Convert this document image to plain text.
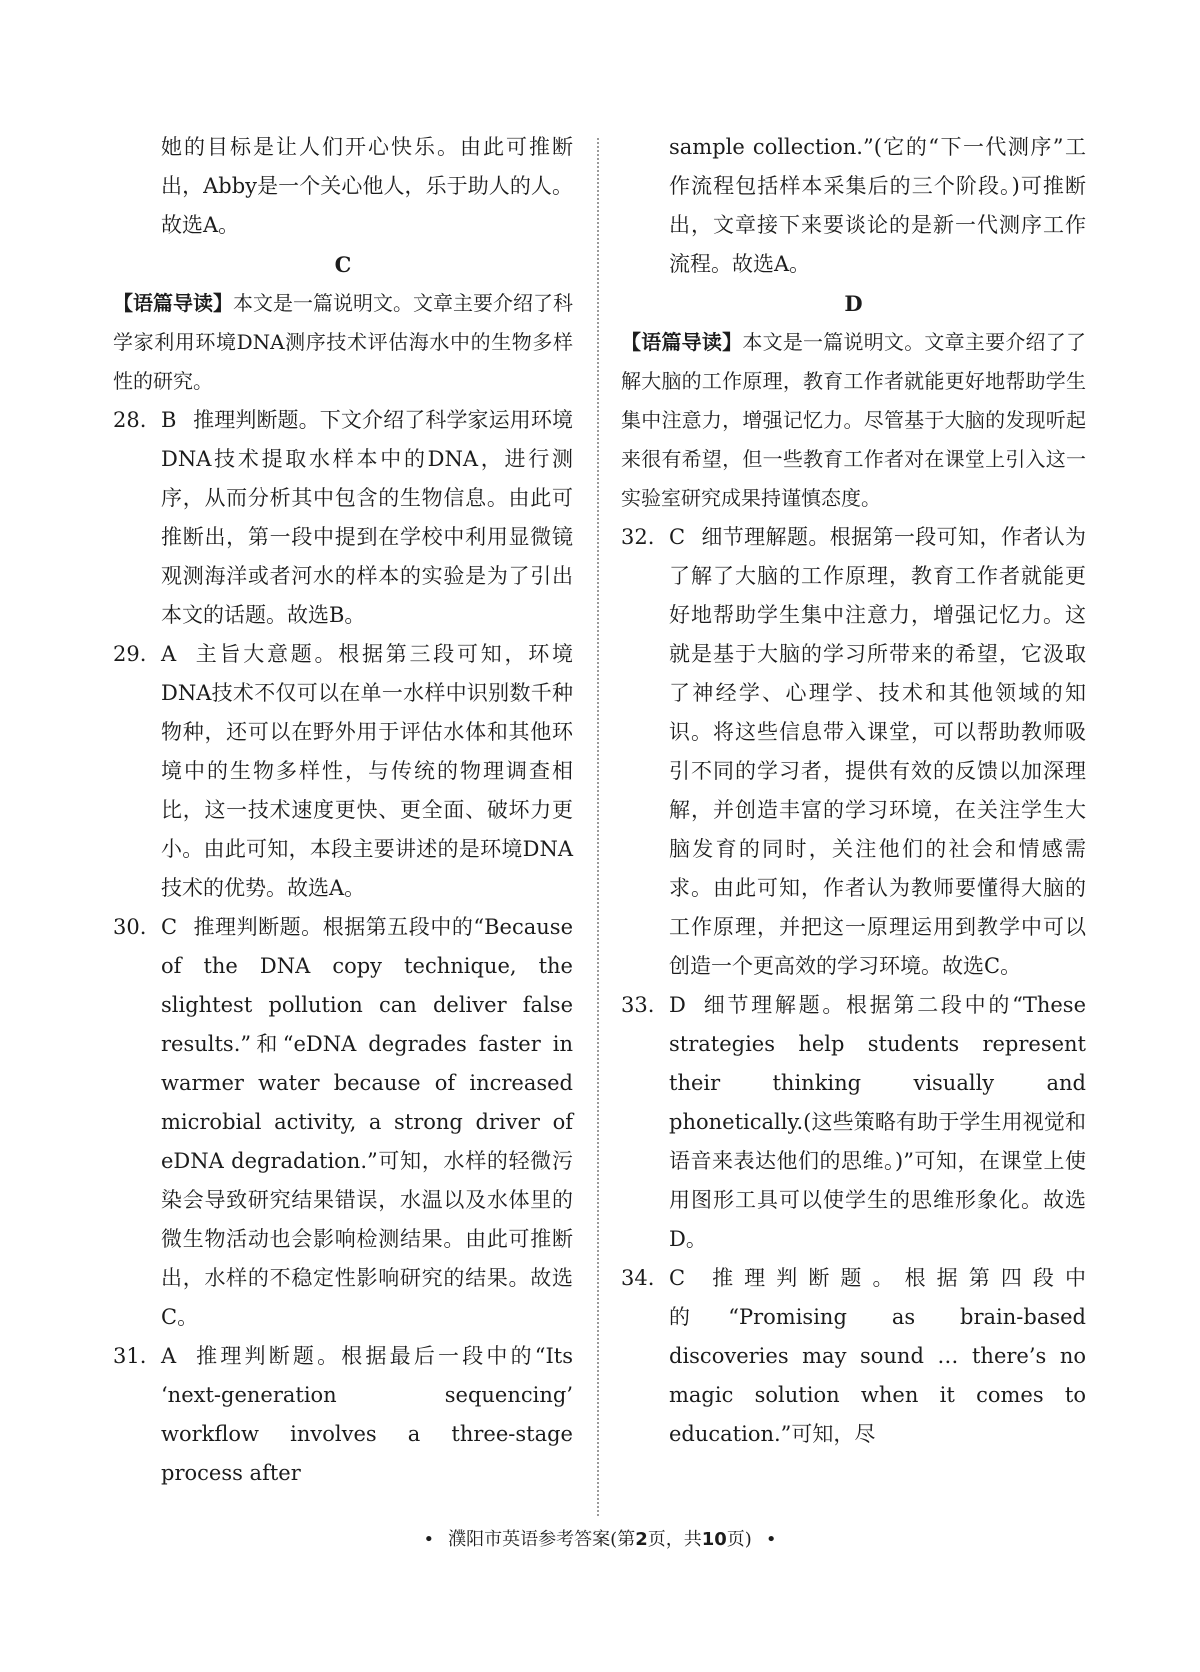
她的目标是让人们开心快乐。由此可推断出，Abby是一个关心他人，乐于助人的人。故选A。

C

【语篇导读】本文是一篇说明文。文章主要介绍了科学家利用环境DNA测序技术评估海水中的生物多样性的研究。

28. B 推理判断题。下文介绍了科学家运用环境DNA技术提取水样本中的DNA，进行测序，从而分析其中包含的生物信息。由此可推断出，第一段中提到在学校中利用显微镜观测海洋或者河水的样本的实验是为了引出本文的话题。故选B。
29. A 主旨大意题。根据第三段可知，环境DNA技术不仅可以在单一水样中识别数千种物种，还可以在野外用于评估水体和其他环境中的生物多样性，与传统的物理调查相比，这一技术速度更快、更全面、破坏力更小。由此可知，本段主要讲述的是环境DNA技术的优势。故选A。
30. C 推理判断题。根据第五段中的“Because of the DNA copy technique, the slightest pollution can deliver false results.”和“eDNA degrades faster in warmer water because of increased microbial activity, a strong driver of eDNA degradation.”可知，水样的轻微污染会导致研究结果错误，水温以及水体里的微生物活动也会影响检测结果。由此可推断出，水样的不稳定性影响研究的结果。故选C。
31. A 推理判断题。根据最后一段中的“Its ‘next-generation sequencing’ workflow involves a three-stage process after

sample collection.”(它的“下一代测序”工作流程包括样本采集后的三个阶段。)可推断出，文章接下来要谈论的是新一代测序工作流程。故选A。

D

【语篇导读】本文是一篇说明文。文章主要介绍了了解大脑的工作原理，教育工作者就能更好地帮助学生集中注意力，增强记忆力。尽管基于大脑的发现听起来很有希望，但一些教育工作者对在课堂上引入这一实验室研究成果持谨慎态度。

32. C 细节理解题。根据第一段可知，作者认为了解了大脑的工作原理，教育工作者就能更好地帮助学生集中注意力，增强记忆力。这就是基于大脑的学习所带来的希望，它汲取了神经学、心理学、技术和其他领域的知识。将这些信息带入课堂，可以帮助教师吸引不同的学习者，提供有效的反馈以加深理解，并创造丰富的学习环境，在关注学生大脑发育的同时，关注他们的社会和情感需求。由此可知，作者认为教师要懂得大脑的工作原理，并把这一原理运用到教学中可以创造一个更高效的学习环境。故选C。
33. D 细节理解题。根据第二段中的“These strategies help students represent their thinking visually and phonetically.(这些策略有助于学生用视觉和语音来表达他们的思维。)”可知，在课堂上使用图形工具可以使学生的思维形象化。故选D。
34. C 推理判断题。根据第四段中的“Promising as brain-based discoveries may sound … there’s no magic solution when it comes to education.”可知，尽
• 濮阳市英语参考答案(第2页，共10页) •
